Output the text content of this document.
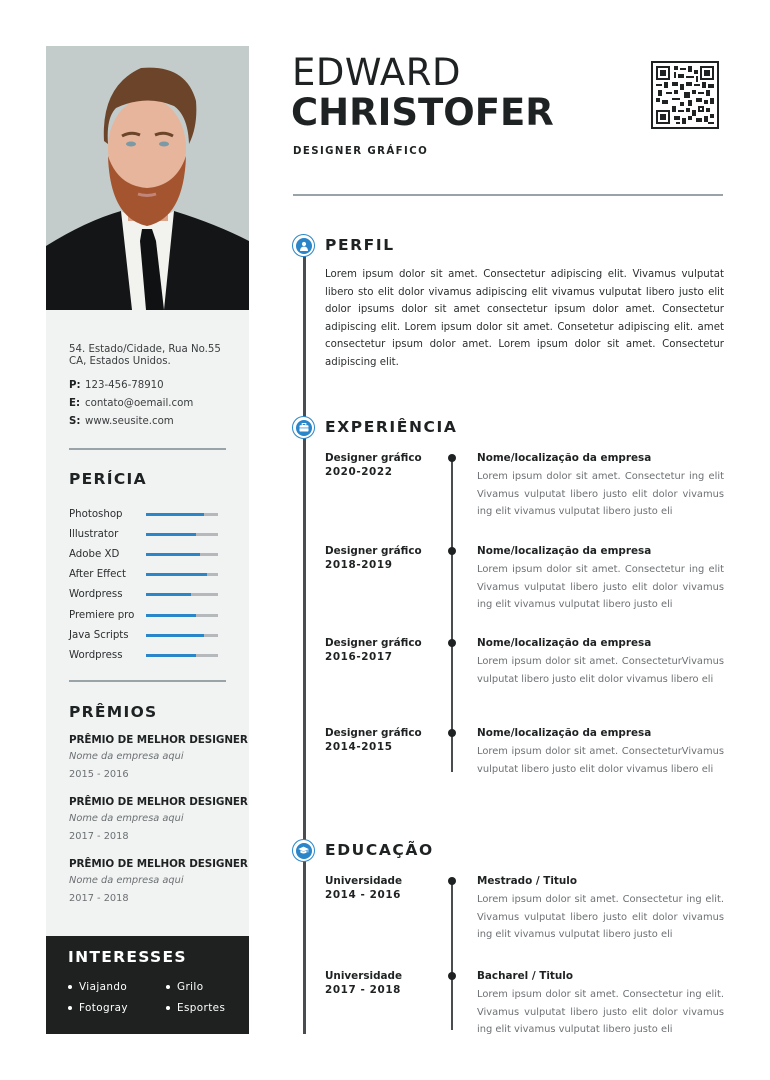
54. Estado/Cidade, Rua No.55
CA, Estados Unidos.
P: 123-456-78910
E: contato@oemail.com
S: www.seusite.com
PERÍCIA
Photoshop
Illustrator
Adobe XD
After Effect
Wordpress
Premiere pro
Java Scripts
Wordpress
PRÊMIOS
PRÊMIO DE MELHOR DESIGNER
Nome da empresa aqui
2015 - 2016
PRÊMIO DE MELHOR DESIGNER
Nome da empresa aqui
2017 - 2018
PRÊMIO DE MELHOR DESIGNER
Nome da empresa aqui
2017 - 2018
INTERESSES
Viajando	Grilo
Fotogray	Esportes
EDWARD
CHRISTOFER
DESIGNER GRÁFICO
PERFIL
Lorem ipsum dolor sit amet. Consectetur adipiscing elit. Vivamus vulputat libero sto elit dolor vivamus adipiscing elit vivamus vulputat libero justo elit dolor ipsums dolor sit amet consectetur ipsum dolor amet. Consectetur adipiscing elit. Lorem ipsum dolor sit amet. Consetetur adipiscing elit. amet consectetur ipsum dolor amet. Lorem ipsum dolor sit amet. Consectetur adipiscing elit.
EXPERIÊNCIA
Designer gráfico
2020-2022
Nome/localização da empresa
Lorem ipsum dolor sit amet. Consectetur ing elit Vivamus vulputat libero justo elit dolor vivamus ing elit vivamus vulputat libero justo eli
Designer gráfico
2018-2019
Nome/localização da empresa
Lorem ipsum dolor sit amet. Consectetur ing elit Vivamus vulputat libero justo elit dolor vivamus ing elit vivamus vulputat libero justo eli
Designer gráfico
2016-2017
Nome/localização da empresa
Lorem ipsum dolor sit amet. ConsecteturVivamus vulputat libero justo elit dolor vivamus libero eli
Designer gráfico
2014-2015
Nome/localização da empresa
Lorem ipsum dolor sit amet. ConsecteturVivamus vulputat libero justo elit dolor vivamus libero eli
EDUCAÇÃO
Universidade
2014 - 2016
Mestrado / Titulo
Lorem ipsum dolor sit amet. Consectetur ing elit. Vivamus vulputat libero justo elit dolor vivamus ing elit vivamus vulputat libero justo eli
Universidade
2017 - 2018
Bacharel / Titulo
Lorem ipsum dolor sit amet. Consectetur ing elit. Vivamus vulputat libero justo elit dolor vivamus ing elit vivamus vulputat libero justo eli
